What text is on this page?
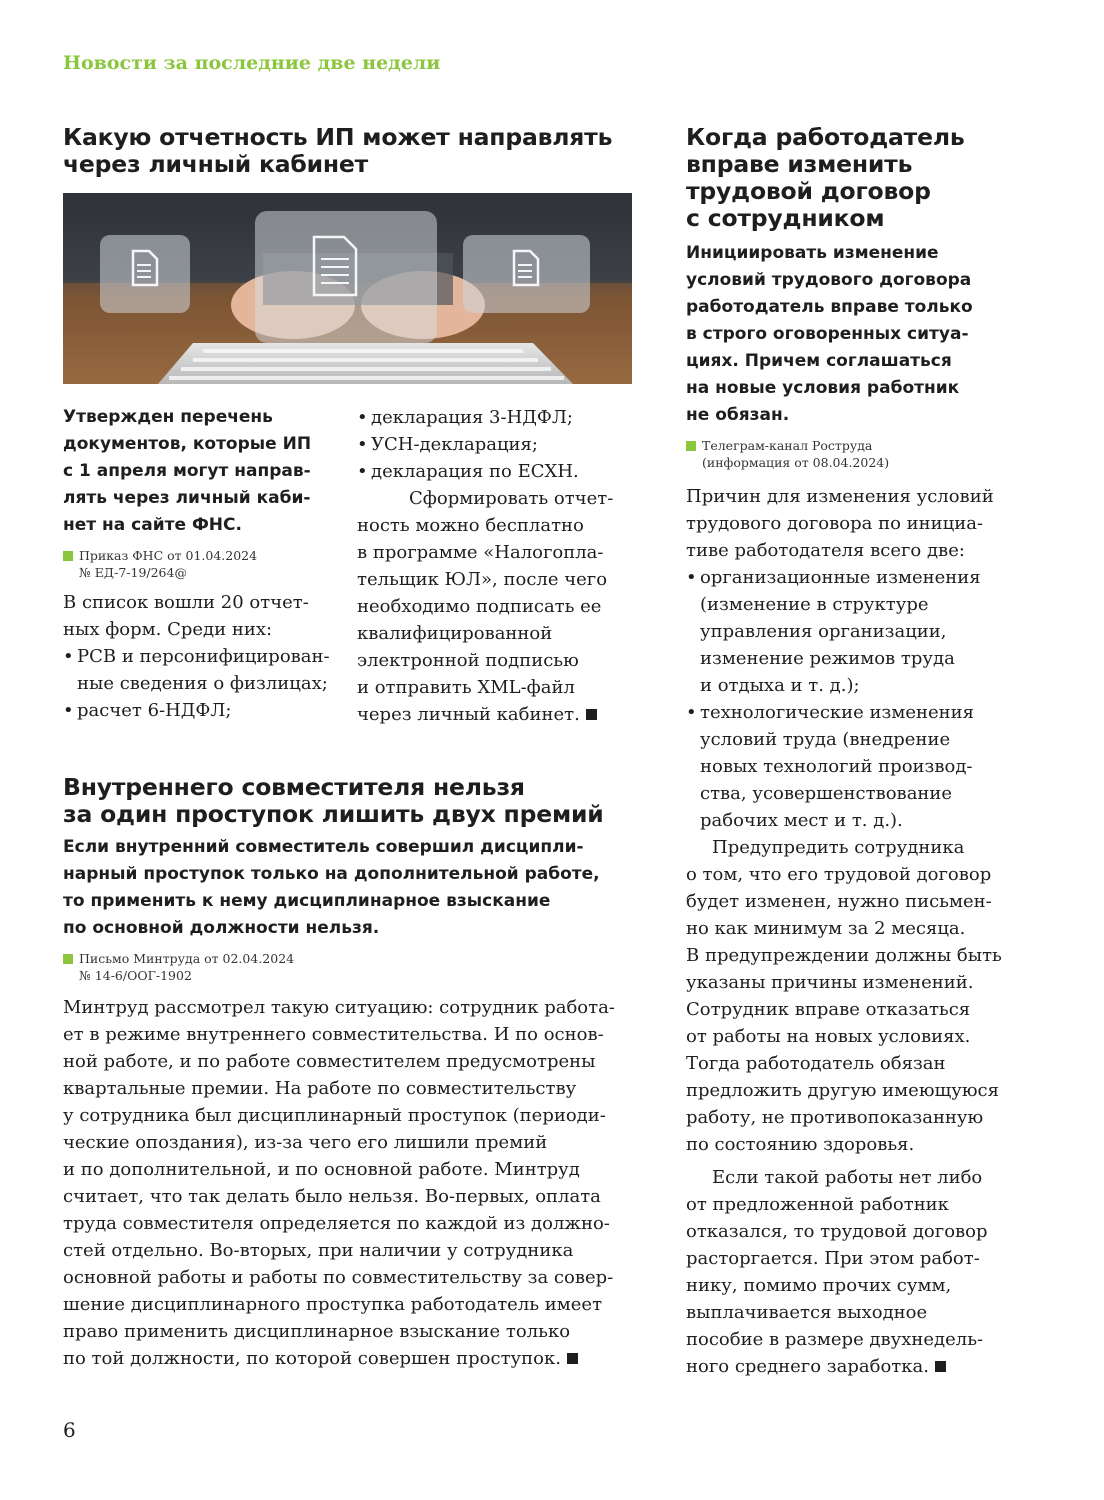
Новости за последние две недели
Какую отчетность ИП может направлять
через личный кабинет

Утвержден перечень
документов, которые ИП
с 1 апреля могут направ-
лять через личный каби-
нет на сайте ФНС.

Приказ ФНС от 01.04.2024
№ ЕД-7-19/264@

В список вошли 20 отчет-
ных форм. Среди них:

• РСВ и персонифицирован-
ные сведения о физлицах;
• расчет 6-НДФЛ;
• декларация 3-НДФЛ;
• УСН-декларация;
• декларация по ЕСХН.

Сформировать отчет-
ность можно бесплатно
в программе «Налогопла-
тельщик ЮЛ», после чего
необходимо подписать ее
квалифицированной
электронной подписью
и отправить XML-файл
через личный кабинет.

Внутреннего совместителя нельзя
за один проступок лишить двух премий

Если внутренний совместитель совершил дисципли-
нарный проступок только на дополнительной работе,
то применить к нему дисциплинарное взыскание
по основной должности нельзя.

Письмо Минтруда от 02.04.2024
№ 14-6/ООГ-1902

Минтруд рассмотрел такую ситуацию: сотрудник работа-
ет в режиме внутреннего совместительства. И по основ-
ной работе, и по работе совместителем предусмотрены
квартальные премии. На работе по совместительству
у сотрудника был дисциплинарный проступок (периоди-
ческие опоздания), из-за чего его лишили премий
и по дополнительной, и по основной работе. Минтруд
считает, что так делать было нельзя. Во-первых, оплата
труда совместителя определяется по каждой из должно-
стей отдельно. Во-вторых, при наличии у сотрудника
основной работы и работы по совместительству за совер-
шение дисциплинарного проступка работодатель имеет
право применить дисциплинарное взыскание только
по той должности, по которой совершен проступок.

Когда работодатель
вправе изменить
трудовой договор
с сотрудником

Инициировать изменение
условий трудового договора
работодатель вправе только
в строго оговоренных ситуа-
циях. Причем соглашаться
на новые условия работник
не обязан.

Телеграм-канал Роструда
(информация от 08.04.2024)

Причин для изменения условий
трудового договора по инициа-
тиве работодателя всего две:

• организационные изменения
(изменение в структуре
управления организации,
изменение режимов труда
и отдыха и т. д.);
• технологические изменения
условий труда (внедрение
новых технологий производ-
ства, усовершенствование
рабочих мест и т. д.).

Предупредить сотрудника
о том, что его трудовой договор
будет изменен, нужно письмен-
но как минимум за 2 месяца.
В предупреждении должны быть
указаны причины изменений.
Сотрудник вправе отказаться
от работы на новых условиях.
Тогда работодатель обязан
предложить другую имеющуюся
работу, не противопоказанную
по состоянию здоровья.

Если такой работы нет либо
от предложенной работник
отказался, то трудовой договор
расторгается. При этом работ-
нику, помимо прочих сумм,
выплачивается выходное
пособие в размере двухнедель-
ного среднего заработка.

6
